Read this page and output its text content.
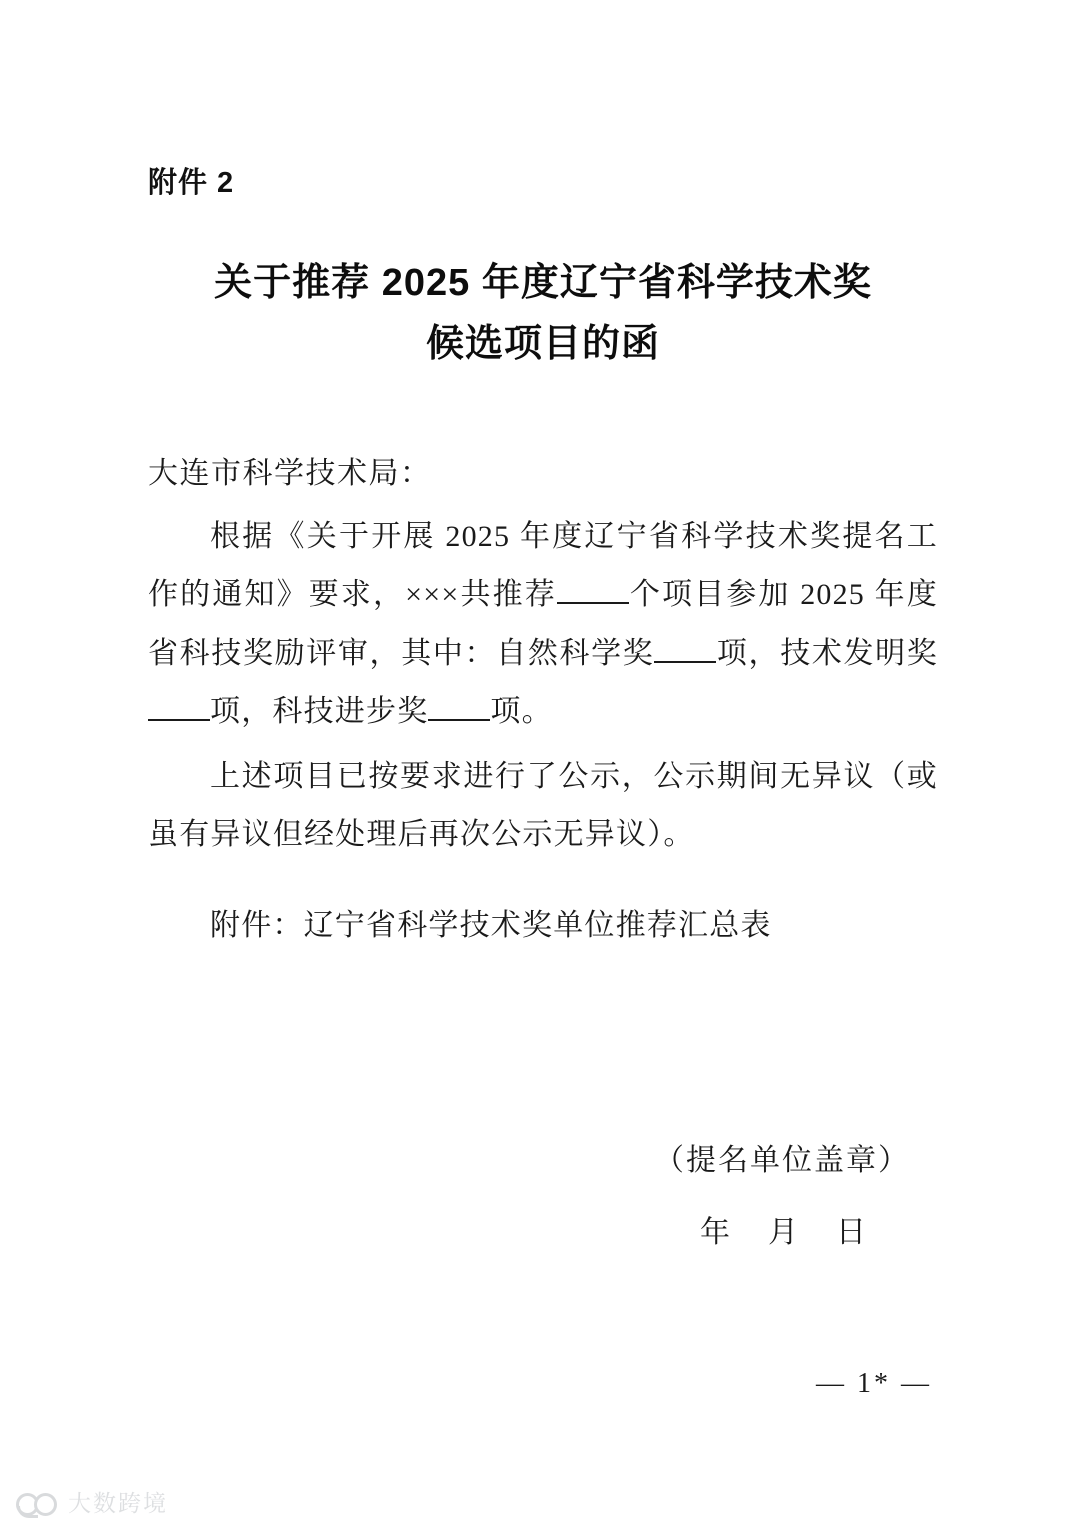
附件 2
关于推荐 2025 年度辽宁省科学技术奖
候选项目的函
大连市科学技术局：

根据《关于开展 2025 年度辽宁省科学技术奖提名工作的通知》要求，×××共推荐 个项目参加 2025 年度省科技奖励评审，其中：自然科学奖 项，技术发明奖项，科技进步奖 项。

上述项目已按要求进行了公示，公示期间无异议（或虽有异议但经处理后再次公示无异议）。

附件：辽宁省科学技术奖单位推荐汇总表

（提名单位盖章）

年 月 日

— 1* —
大数跨境
